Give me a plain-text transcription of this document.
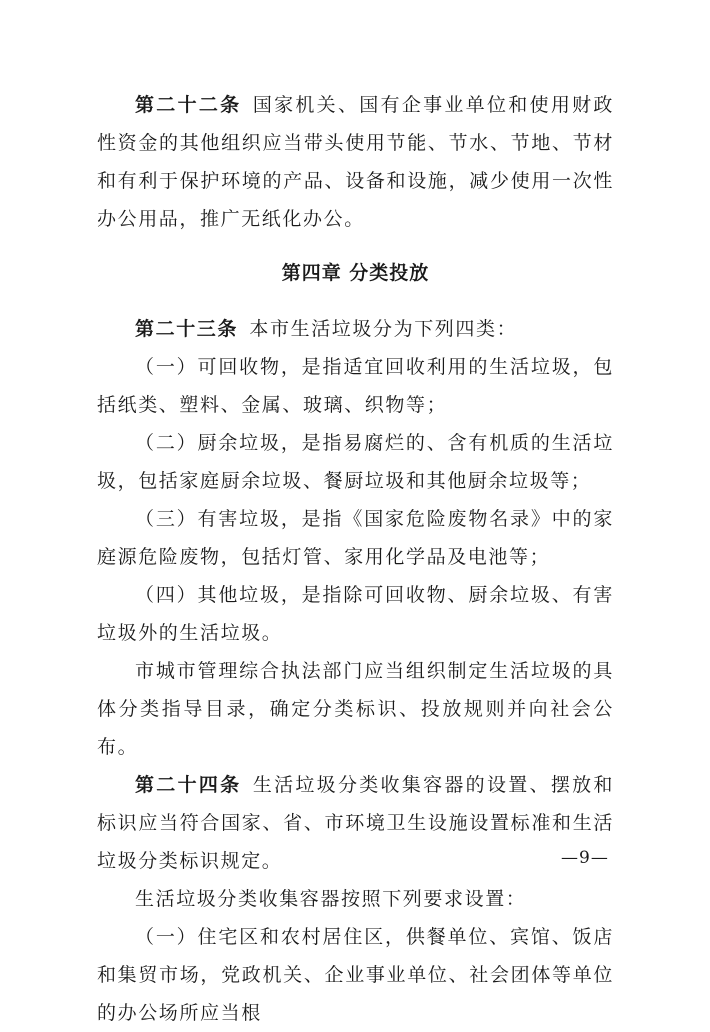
第二十二条 国家机关、国有企事业单位和使用财政性资金的其他组织应当带头使用节能、节水、节地、节材和有利于保护环境的产品、设备和设施，减少使用一次性办公用品，推广无纸化办公。

第四章 分类投放

第二十三条 本市生活垃圾分为下列四类：

（一）可回收物，是指适宜回收利用的生活垃圾，包括纸类、塑料、金属、玻璃、织物等；

（二）厨余垃圾，是指易腐烂的、含有机质的生活垃圾，包括家庭厨余垃圾、餐厨垃圾和其他厨余垃圾等；

（三）有害垃圾，是指《国家危险废物名录》中的家庭源危险废物，包括灯管、家用化学品及电池等；

（四）其他垃圾，是指除可回收物、厨余垃圾、有害垃圾外的生活垃圾。

市城市管理综合执法部门应当组织制定生活垃圾的具体分类指导目录，确定分类标识、投放规则并向社会公布。

第二十四条 生活垃圾分类收集容器的设置、摆放和标识应当符合国家、省、市环境卫生设施设置标准和生活垃圾分类标识规定。

生活垃圾分类收集容器按照下列要求设置：

（一）住宅区和农村居住区，供餐单位、宾馆、饭店和集贸市场，党政机关、企业事业单位、社会团体等单位的办公场所应当根

—9—
